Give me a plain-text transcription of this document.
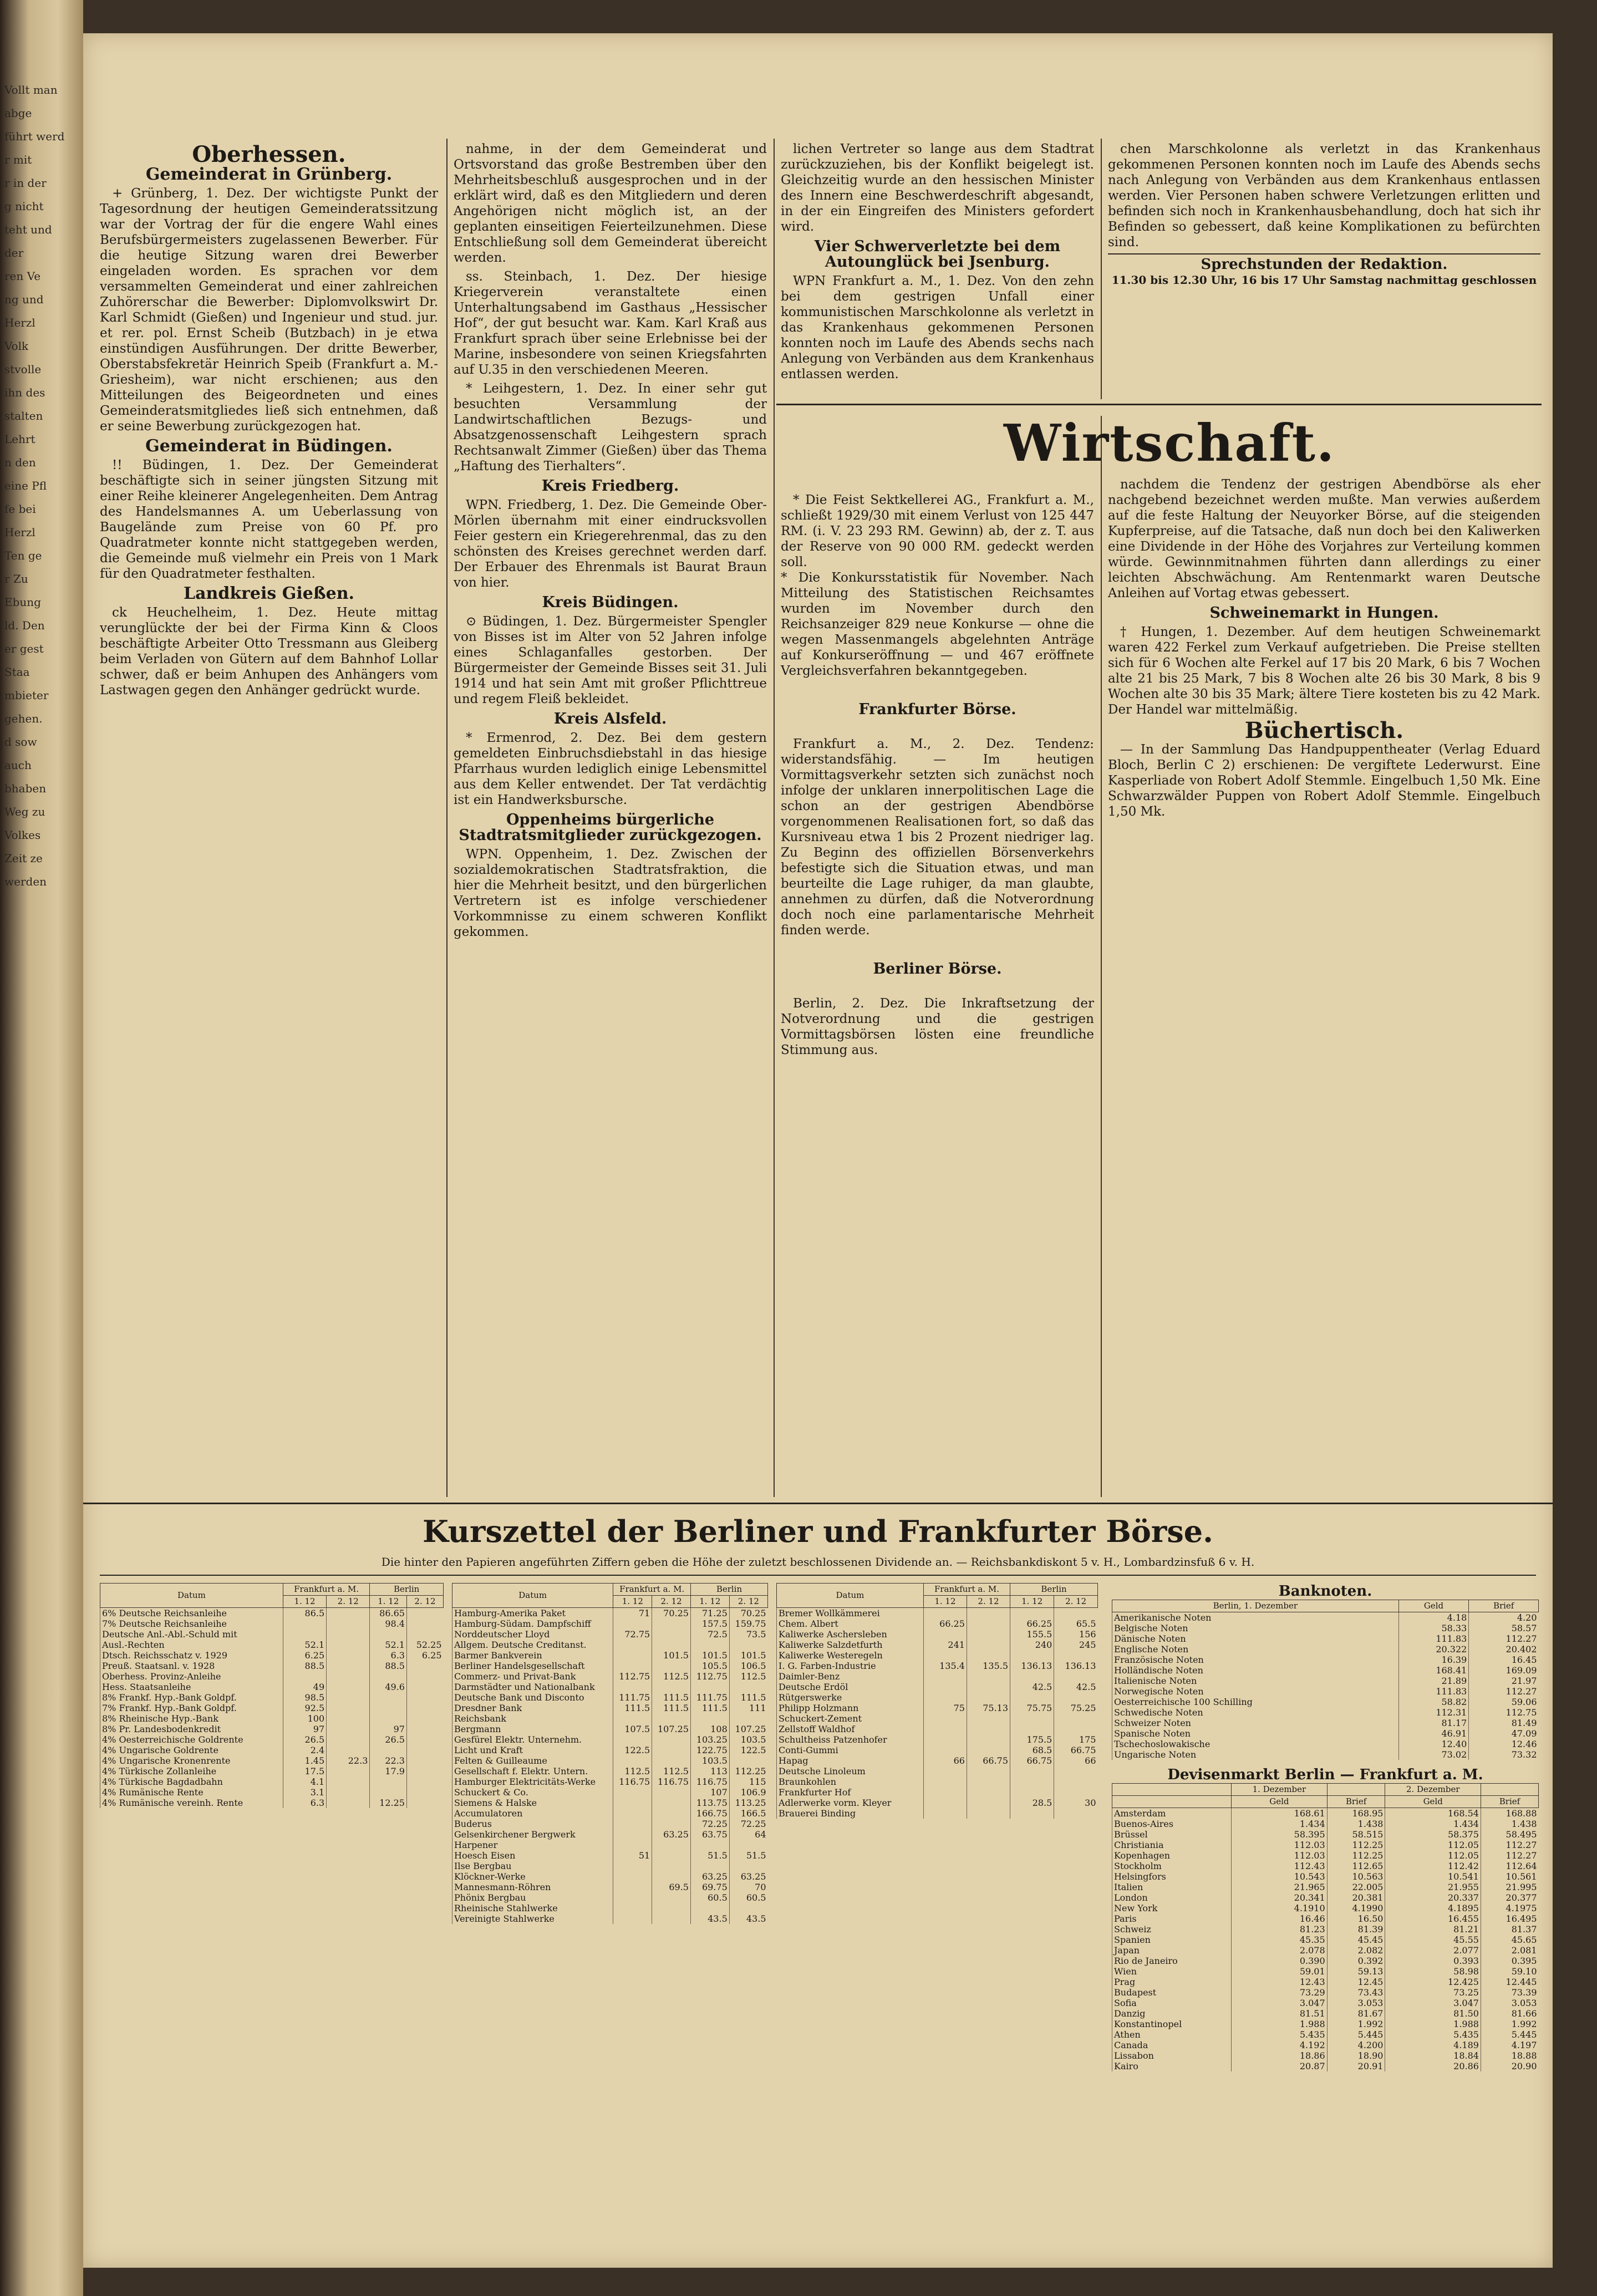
Vollt man
abge
führt werd
r mit
r in der
g nicht
teht und
der
ren Ve
ng und
Herzl
Volk
stvolle
ihn des
stalten
Lehrt
n den
eine Pfl
fe bei
Herzl
Ten ge
r Zu
Ebung
ld. Den
er gest
Staa
mbieter
gehen.
d sow
auch
bhaben
Weg zu
Volkes
Zeit ze
werden
Oberhessen.
Gemeinderat in Grünberg.

+ Grünberg, 1. Dez. Der wichtigste Punkt der Tagesordnung der heutigen Gemeinderatssitzung war der Vortrag der für die engere Wahl eines Berufsbürgermeisters zugelassenen Bewerber. Für die heutige Sitzung waren drei Bewerber eingeladen worden. Es sprachen vor dem versammelten Gemeinderat und einer zahlreichen Zuhörerschar die Bewerber: Diplomvolkswirt Dr. Karl Schmidt (Gießen) und Ingenieur und stud. jur. et rer. pol. Ernst Scheib (Butzbach) in je etwa einstündigen Ausführungen. Der dritte Bewerber, Oberstabsfekretär Heinrich Speib (Frankfurt a. M.-Griesheim), war nicht erschienen; aus den Mitteilungen des Beigeordneten und eines Gemeinderatsmitgliedes ließ sich entnehmen, daß er seine Bewerbung zurückgezogen hat.

Gemeinderat in Büdingen.

!! Büdingen, 1. Dez. Der Gemeinderat beschäftigte sich in seiner jüngsten Sitzung mit einer Reihe kleinerer Angelegenheiten. Dem Antrag des Handelsmannes A. um Ueberlassung von Baugelände zum Preise von 60 Pf. pro Quadratmeter konnte nicht stattgegeben werden, die Gemeinde muß vielmehr ein Preis von 1 Mark für den Quadratmeter festhalten.

Landkreis Gießen.

ck Heuchelheim, 1. Dez. Heute mittag verunglückte der bei der Firma Kinn & Cloos beschäftigte Arbeiter Otto Tressmann aus Gleiberg beim Verladen von Gütern auf dem Bahnhof Lollar schwer, daß er beim Anhupen des Anhängers vom Lastwagen gegen den Anhänger gedrückt wurde.

nahme, in der dem Gemeinderat und Ortsvorstand das große Bestremben über den Mehrheitsbeschluß ausgesprochen und in der erklärt wird, daß es den Mitgliedern und deren Angehörigen nicht möglich ist, an der geplanten einseitigen Feierteilzunehmen. Diese Entschließung soll dem Gemeinderat übereicht werden.

ss. Steinbach, 1. Dez. Der hiesige Kriegerverein veranstaltete einen Unterhaltungsabend im Gasthaus „Hessischer Hof“, der gut besucht war. Kam. Karl Kraß aus Frankfurt sprach über seine Erlebnisse bei der Marine, insbesondere von seinen Kriegsfahrten auf U.35 in den verschiedenen Meeren.

* Leihgestern, 1. Dez. In einer sehr gut besuchten Versammlung der Landwirtschaftlichen Bezugs- und Absatzgenossenschaft Leihgestern sprach Rechtsanwalt Zimmer (Gießen) über das Thema „Haftung des Tierhalters“.

Kreis Friedberg.

WPN. Friedberg, 1. Dez. Die Gemeinde Ober-Mörlen übernahm mit einer eindrucksvollen Feier gestern ein Kriegerehrenmal, das zu den schönsten des Kreises gerechnet werden darf. Der Erbauer des Ehrenmals ist Baurat Braun von hier.

Kreis Büdingen.

⊙ Büdingen, 1. Dez. Bürgermeister Spengler von Bisses ist im Alter von 52 Jahren infolge eines Schlaganfalles gestorben. Der Bürgermeister der Gemeinde Bisses seit 31. Juli 1914 und hat sein Amt mit großer Pflichttreue und regem Fleiß bekleidet.

Kreis Alsfeld.

* Ermenrod, 2. Dez. Bei dem gestern gemeldeten Einbruchsdiebstahl in das hiesige Pfarrhaus wurden lediglich einige Lebensmittel aus dem Keller entwendet. Der Tat verdächtig ist ein Handwerksbursche.

Oppenheims bürgerliche Stadtratsmitglieder zurückgezogen.

WPN. Oppenheim, 1. Dez. Zwischen der sozialdemokratischen Stadtratsfraktion, die hier die Mehrheit besitzt, und den bürgerlichen Vertretern ist es infolge verschiedener Vorkommnisse zu einem schweren Konflikt gekommen.

lichen Vertreter so lange aus dem Stadtrat zurückzuziehen, bis der Konflikt beigelegt ist. Gleichzeitig wurde an den hessischen Minister des Innern eine Beschwerdeschrift abgesandt, in der ein Eingreifen des Ministers gefordert wird.

Vier Schwerverletzte bei dem Autounglück bei Jsenburg.

WPN Frankfurt a. M., 1. Dez. Von den zehn bei dem gestrigen Unfall einer kommunistischen Marschkolonne als verletzt in das Krankenhaus gekommenen Personen konnten noch im Laufe des Abends sechs nach Anlegung von Verbänden aus dem Krankenhaus entlassen werden.

chen Marschkolonne als verletzt in das Krankenhaus gekommenen Personen konnten noch im Laufe des Abends sechs nach Anlegung von Verbänden aus dem Krankenhaus entlassen werden. Vier Personen haben schwere Verletzungen erlitten und befinden sich noch in Krankenhausbehandlung, doch hat sich ihr Befinden so gebessert, daß keine Komplikationen zu befürchten sind.

Sprechstunden der Redaktion.
11.30 bis 12.30 Uhr, 16 bis 17 Uhr Samstag nachmittag geschlossen
Wirtschaft.

* Die Feist Sektkellerei AG., Frankfurt a. M., schließt 1929/30 mit einem Verlust von 125 447 RM. (i. V. 23 293 RM. Gewinn) ab, der z. T. aus der Reserve von 90 000 RM. gedeckt werden soll.
* Die Konkursstatistik für November. Nach Mitteilung des Statistischen Reichsamtes wurden im November durch den Reichsanzeiger 829 neue Konkurse — ohne die wegen Massenmangels abgelehnten Anträge auf Konkurseröffnung — und 467 eröffnete Vergleichsverfahren bekanntgegeben.

Frankfurter Börse.

Frankfurt a. M., 2. Dez. Tendenz: widerstandsfähig. — Im heutigen Vormittagsverkehr setzten sich zunächst noch infolge der unklaren innerpolitischen Lage die schon an der gestrigen Abendbörse vorgenommenen Realisationen fort, so daß das Kursniveau etwa 1 bis 2 Prozent niedriger lag. Zu Beginn des offiziellen Börsenverkehrs befestigte sich die Situation etwas, und man beurteilte die Lage ruhiger, da man glaubte, annehmen zu dürfen, daß die Notverordnung doch noch eine parlamentarische Mehrheit finden werde.

Berliner Börse.

Berlin, 2. Dez. Die Inkraftsetzung der Notverordnung und die gestrigen Vormittagsbörsen lösten eine freundliche Stimmung aus.

nachdem die Tendenz der gestrigen Abendbörse als eher nachgebend bezeichnet werden mußte. Man verwies außerdem auf die feste Haltung der Neuyorker Börse, auf die steigenden Kupferpreise, auf die Tatsache, daß nun doch bei den Kaliwerken eine Dividende in der Höhe des Vorjahres zur Verteilung kommen würde. Gewinnmitnahmen führten dann allerdings zu einer leichten Abschwächung. Am Rentenmarkt waren Deutsche Anleihen auf Vortag etwas gebessert.

Schweinemarkt in Hungen.

† Hungen, 1. Dezember. Auf dem heutigen Schweinemarkt waren 422 Ferkel zum Verkauf aufgetrieben. Die Preise stellten sich für 6 Wochen alte Ferkel auf 17 bis 20 Mark, 6 bis 7 Wochen alte 21 bis 25 Mark, 7 bis 8 Wochen alte 26 bis 30 Mark, 8 bis 9 Wochen alte 30 bis 35 Mark; ältere Tiere kosteten bis zu 42 Mark. Der Handel war mittelmäßig.

Büchertisch.

— In der Sammlung Das Handpuppentheater (Verlag Eduard Bloch, Berlin C 2) erschienen: De vergiftete Lederwurst. Eine Kasperliade von Robert Adolf Stemmle. Eingelbuch 1,50 Mk. Eine Schwarzwälder Puppen von Robert Adolf Stemmle. Eingelbuch 1,50 Mk.

Kurszettel der Berliner und Frankfurter Börse.
Die hinter den Papieren angeführten Ziffern geben die Höhe der zuletzt beschlossenen Dividende an. — Reichsbankdiskont 5 v. H., Lombardzinsfuß 6 v. H.
Datum	Frankfurt a. M.		Berlin	
	1. 12	2. 12	1. 12	2. 12
6% Deutsche Reichsanleihe	86.5		86.65	
7% Deutsche Reichsanleihe			98.4	
Deutsche Anl.-Abl.-Schuld mit				
Ausl.-Rechten	52.1		52.1	52.25
Dtsch. Reichsschatz v. 1929	6.25		6.3	6.25
Preuß. Staatsanl. v. 1928	88.5		88.5	
Oberhess. Provinz-Anleihe				
Hess. Staatsanleihe	49		49.6	
8% Frankf. Hyp.-Bank Goldpf.	98.5			
7% Frankf. Hyp.-Bank Goldpf.	92.5			
8% Rheinische Hyp.-Bank	100			
8% Pr. Landesbodenkredit	97		97	
4% Oesterreichische Goldrente	26.5		26.5	
4% Ungarische Goldrente	2.4			
4% Ungarische Kronenrente	1.45	22.3	22.3	
4% Türkische Zollanleihe	17.5		17.9	
4% Türkische Bagdadbahn	4.1			
4% Rumänische Rente	3.1			
4% Rumänische vereinh. Rente	6.3		12.25	
Datum	Frankfurt a. M.		Berlin	
	1. 12	2. 12	1. 12	2. 12
Hamburg-Amerika Paket	71	70.25	71.25	70.25
Hamburg-Südam. Dampfschiff			157.5	159.75
Norddeutscher Lloyd	72.75		72.5	73.5
Allgem. Deutsche Creditanst.				
Barmer Bankverein		101.5	101.5	101.5
Berliner Handelsgesellschaft			105.5	106.5
Commerz- und Privat-Bank	112.75	112.5	112.75	112.5
Darmstädter und Nationalbank				
Deutsche Bank und Disconto	111.75	111.5	111.75	111.5
Dresdner Bank	111.5	111.5	111.5	111
Reichsbank				
Bergmann	107.5	107.25	108	107.25
Gesfürel Elektr. Unternehm.			103.25	103.5
Licht und Kraft	122.5		122.75	122.5
Felten & Guilleaume			103.5	
Gesellschaft f. Elektr. Untern.	112.5	112.5	113	112.25
Hamburger Elektricitäts-Werke	116.75	116.75	116.75	115
Schuckert & Co.			107	106.9
Siemens & Halske			113.75	113.25
Accumulatoren			166.75	166.5
Buderus			72.25	72.25
Gelsenkirchener Bergwerk		63.25	63.75	64
Harpener				
Hoesch Eisen	51		51.5	51.5
Ilse Bergbau				
Klöckner-Werke			63.25	63.25
Mannesmann-Röhren		69.5	69.75	70
Phönix Bergbau			60.5	60.5
Rheinische Stahlwerke				
Vereinigte Stahlwerke			43.5	43.5
Datum	Frankfurt a. M.		Berlin	
	1. 12	2. 12	1. 12	2. 12
Bremer Wollkämmerei				
Chem. Albert	66.25		66.25	65.5
Kaliwerke Aschersleben			155.5	156
Kaliwerke Salzdetfurth	241		240	245
Kaliwerke Westeregeln				
I. G. Farben-Industrie	135.4	135.5	136.13	136.13
Daimler-Benz				
Deutsche Erdöl			42.5	42.5
Rütgerswerke				
Philipp Holzmann	75	75.13	75.75	75.25
Schuckert-Zement				
Zellstoff Waldhof				
Schultheiss Patzenhofer			175.5	175
Conti-Gummi			68.5	66.75
Hapag	66	66.75	66.75	66
Deutsche Linoleum				
Braunkohlen				
Frankfurter Hof				
Adlerwerke vorm. Kleyer			28.5	30
Brauerei Binding				
Banknoten.
Berlin, 1. Dezember	Geld	Brief
Amerikanische Noten	4.18	4.20
Belgische Noten	58.33	58.57
Dänische Noten	111.83	112.27
Englische Noten	20.322	20.402
Französische Noten	16.39	16.45
Holländische Noten	168.41	169.09
Italienische Noten	21.89	21.97
Norwegische Noten	111.83	112.27
Oesterreichische 100 Schilling	58.82	59.06
Schwedische Noten	112.31	112.75
Schweizer Noten	81.17	81.49
Spanische Noten	46.91	47.09
Tschechoslowakische	12.40	12.46
Ungarische Noten	73.02	73.32
Devisenmarkt Berlin — Frankfurt a. M.
	1. Dezember		2. Dezember	
	Geld	Brief	Geld	Brief
Amsterdam	168.61	168.95	168.54	168.88
Buenos-Aires	1.434	1.438	1.434	1.438
Brüssel	58.395	58.515	58.375	58.495
Christiania	112.03	112.25	112.05	112.27
Kopenhagen	112.03	112.25	112.05	112.27
Stockholm	112.43	112.65	112.42	112.64
Helsingfors	10.543	10.563	10.541	10.561
Italien	21.965	22.005	21.955	21.995
London	20.341	20.381	20.337	20.377
New York	4.1910	4.1990	4.1895	4.1975
Paris	16.46	16.50	16.455	16.495
Schweiz	81.23	81.39	81.21	81.37
Spanien	45.35	45.45	45.55	45.65
Japan	2.078	2.082	2.077	2.081
Rio de Janeiro	0.390	0.392	0.393	0.395
Wien	59.01	59.13	58.98	59.10
Prag	12.43	12.45	12.425	12.445
Budapest	73.29	73.43	73.25	73.39
Sofia	3.047	3.053	3.047	3.053
Danzig	81.51	81.67	81.50	81.66
Konstantinopel	1.988	1.992	1.988	1.992
Athen	5.435	5.445	5.435	5.445
Canada	4.192	4.200	4.189	4.197
Lissabon	18.86	18.90	18.84	18.88
Kairo	20.87	20.91	20.86	20.90
